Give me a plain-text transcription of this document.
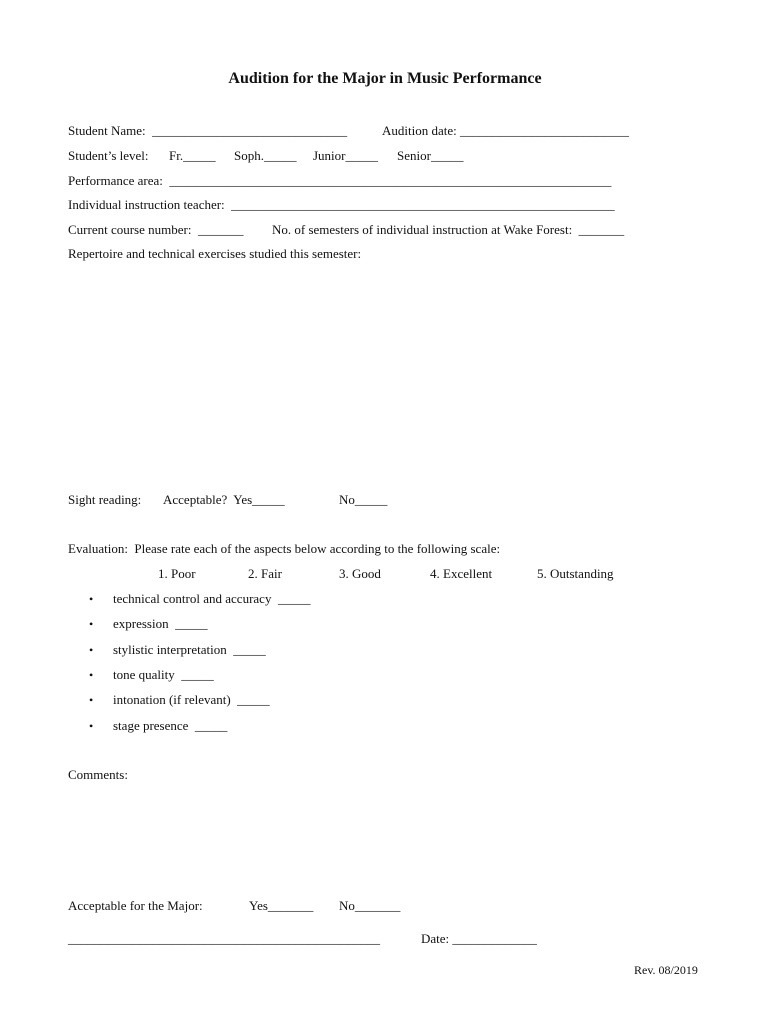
Audition for the Major in Music Performance
Student Name:  ______________________________	Audition date: __________________________
Student’s level: Fr._____ Soph._____ Junior_____ Senior_____
Performance area:  ____________________________________________________________________
Individual instruction teacher:  ___________________________________________________________
Current course number:  _______ No. of semesters of individual instruction at Wake Forest:  _______
Repertoire and technical exercises studied this semester:
Sight reading: Acceptable?  Yes_____	No_____
Evaluation:  Please rate each of the aspects below according to the following scale:
1. Poor	2. Fair	3. Good	4. Excellent	5. Outstanding
• technical control and accuracy  _____
• expression  _____
• stylistic interpretation  _____
• tone quality  _____
• intonation (if relevant)  _____
• stage presence  _____
Comments:
Acceptable for the Major:	Yes_______ No_______
________________________________________________	Date: _____________
Rev. 08/2019
